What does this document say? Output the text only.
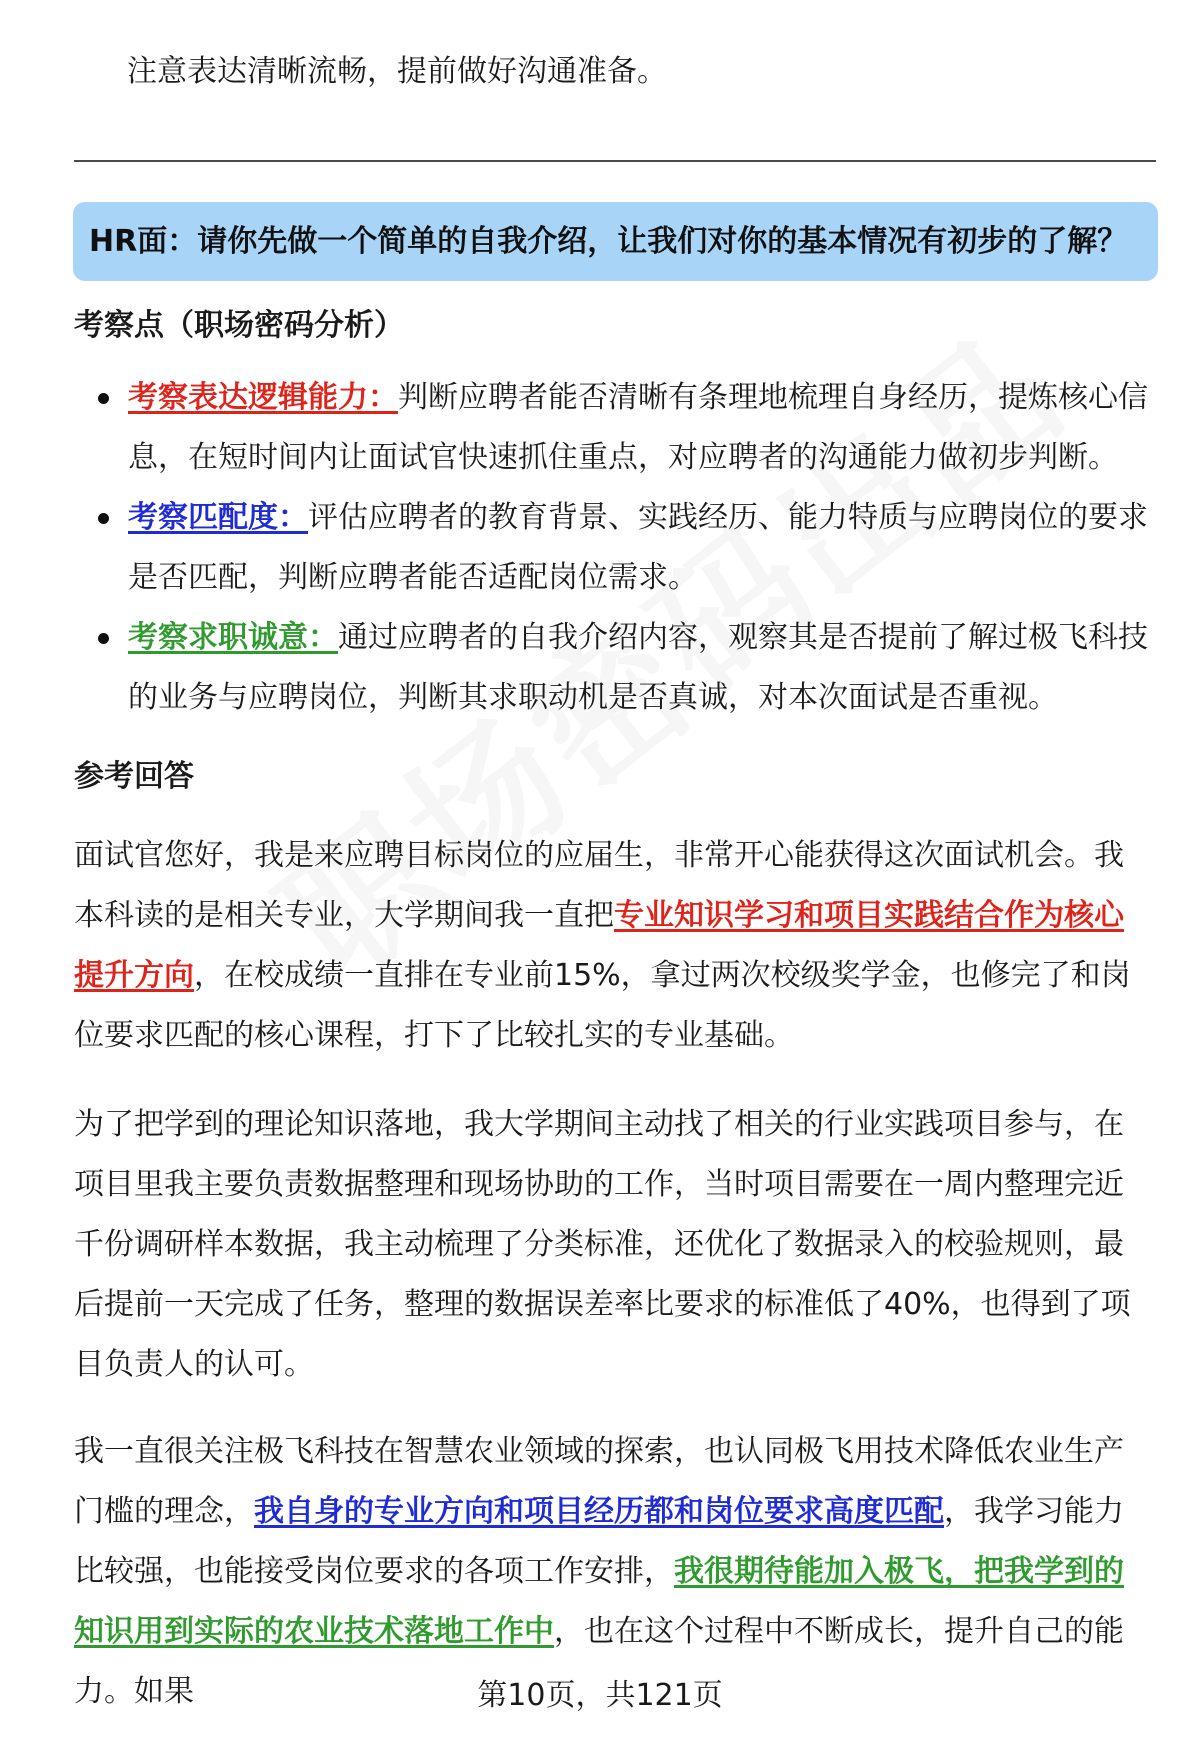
注意表达清晰流畅，提前做好沟通准备。

HR面：请你先做一个简单的自我介绍，让我们对你的基本情况有初步的了解？
考察点（职场密码分析）
考察表达逻辑能力：判断应聘者能否清晰有条理地梳理自身经历，提炼核心信息，在短时间内让面试官快速抓住重点，对应聘者的沟通能力做初步判断。
考察匹配度：评估应聘者的教育背景、实践经历、能力特质与应聘岗位的要求是否匹配，判断应聘者能否适配岗位需求。
考察求职诚意：通过应聘者的自我介绍内容，观察其是否提前了解过极飞科技的业务与应聘岗位，判断其求职动机是否真诚，对本次面试是否重视。
参考回答

面试官您好，我是来应聘目标岗位的应届生，非常开心能获得这次面试机会。我本科读的是相关专业，大学期间我一直把专业知识学习和项目实践结合作为核心提升方向，在校成绩一直排在专业前15%，拿过两次校级奖学金，也修完了和岗位要求匹配的核心课程，打下了比较扎实的专业基础。

为了把学到的理论知识落地，我大学期间主动找了相关的行业实践项目参与，在项目里我主要负责数据整理和现场协助的工作，当时项目需要在一周内整理完近千份调研样本数据，我主动梳理了分类标准，还优化了数据录入的校验规则，最后提前一天完成了任务，整理的数据误差率比要求的标准低了40%，也得到了项目负责人的认可。

我一直很关注极飞科技在智慧农业领域的探索，也认同极飞用技术降低农业生产门槛的理念，我自身的专业方向和项目经历都和岗位要求高度匹配，我学习能力比较强，也能接受岗位要求的各项工作安排，我很期待能加入极飞，把我学到的知识用到实际的农业技术落地工作中，也在这个过程中不断成长，提升自己的能力。如果	第10页，共121页
